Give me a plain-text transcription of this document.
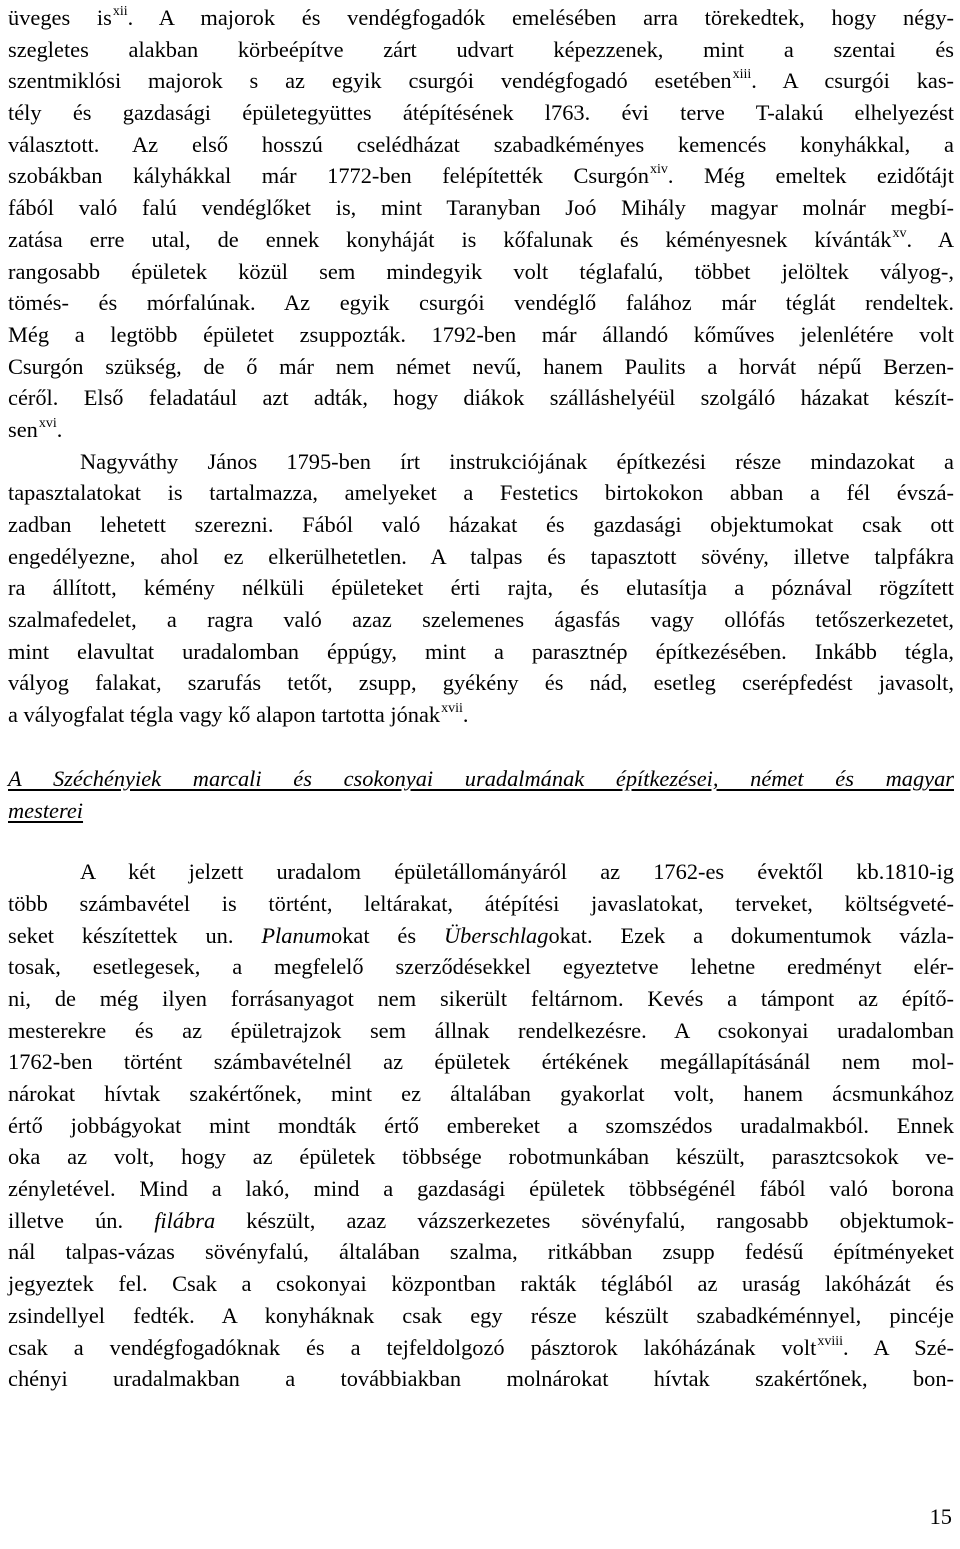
üveges $is^{xii}$. A majorok és vendégfogadók emelésében arra törekedtek, hogy négy-
szegletes alakban körbeépítve zárt udvart képezzenek, mint a szentai és
szentmiklósi majorok s az egyik csurgói vendégfogadó esetében$^{xiii}$. A csurgói kas-
tély és gazdasági épületegyüttes átépítésének l763. évi terve T-alakú elhelyezést
választott. Az első hosszú cselédházat szabadkéményes kemencés konyhákkal, a
szobákban kályhákkal már 1772-ben felépítették Csurgón$^{xiv}$. Még emeltek ezidőtájt
fából való falú vendéglőket is, mint Taranyban Joó Mihály magyar molnár megbí-
zatása erre utal, de ennek konyháját is kőfalunak és kéményesnek kívánták$^{xv}$. A
rangosabb épületek közül sem mindegyik volt téglafalú, többet jelöltek vályog-,
tömés- és mórfalúnak. Az egyik csurgói vendéglő falához már téglát rendeltek.
Még a legtöbb épületet zsuppozták. 1792-ben már állandó kőműves jelenlétére volt
Csurgón szükség, de ő már nem német nevű, hanem Paulits a horvát népű Berzen-
céről. Első feladatául azt adták, hogy diákok szálláshelyéül szolgáló házakat készít-
sen$^{xvi}$.
Nagyváthy János 1795-ben írt instrukciójának építkezési része mindazokat a
tapasztalatokat is tartalmazza, amelyeket a Festetics birtokokon abban a fél évszá-
zadban lehetett szerezni. Fából való házakat és gazdasági objektumokat csak ott
engedélyezne, ahol ez elkerülhetetlen. A talpas és tapasztott sövény, illetve talpfákra
ra állított, kémény nélküli épületeket érti rajta, és elutasítja a póznával rögzített
szalmafedelet, a ragra való azaz szelemenes ágasfás vagy ollófás tetőszerkezetet,
mint elavultat uradalomban éppúgy, mint a parasztnép építkezésében. Inkább tégla,
vályog falakat, szarufás tetőt, zsupp, gyékény és nád, esetleg cserépfedést javasolt,
a vályogfalat tégla vagy kő alapon tartotta jónak$^{xvii}$.
A Széchényiek marcali és csokonyai uradalmának építkezései, német és magyar
mesterei
A két jelzett uradalom épületállományáról az 1762-es évektől kb.1810-ig
több számbavétel is történt, leltárakat, átépítési javaslatokat, terveket, költségveté-
seket készítettek un. Planumokat és Überschlagokat. Ezek a dokumentumok vázla-
tosak, esetlegesek, a megfelelő szerződésekkel egyeztetve lehetne eredményt elér-
ni, de még ilyen forrásanyagot nem sikerült feltárnom. Kevés a támpont az építő-
mesterekre és az épületrajzok sem állnak rendelkezésre. A csokonyai uradalomban
1762-ben történt számbavételnél az épületek értékének megállapításánál nem mol-
nárokat hívtak szakértőnek, mint ez általában gyakorlat volt, hanem ácsmunkához
értő jobbágyokat mint mondták értő embereket a szomszédos uradalmakból. Ennek
oka az volt, hogy az épületek többsége robotmunkában készült, parasztcsokok ve-
zényletével. Mind a lakó, mind a gazdasági épületek többségénél fából való borona
illetve ún. filábra készült, azaz vázszerkezetes sövényfalú, rangosabb objektumok-
nál talpas-vázas sövényfalú, általában szalma, ritkábban zsupp fedésű építményeket
jegyeztek fel. Csak a csokonyai központban rakták téglából az uraság lakóházát és
zsindellyel fedték. A konyháknak csak egy része készült szabadkéménnyel, pincéje
csak a vendégfogadóknak és a tejfeldolgozó pásztorok lakóházának volt$^{xviii}$. A Szé-
chényi uradalmakban a továbbiakban molnárokat hívtak szakértőnek, bon-
15
